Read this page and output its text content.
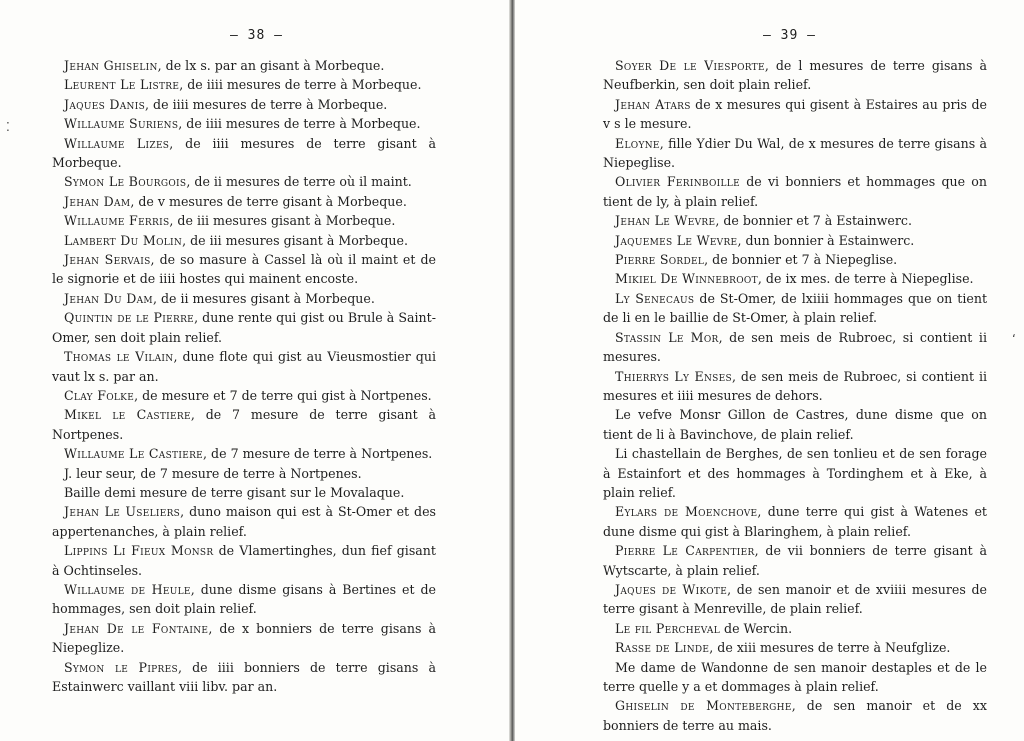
— 38 —
Jehan Ghiselin, de lx s. par an gisant à Morbeque.
Leurent Le Listre, de iiii mesures de terre à Morbeque.
Jaques Danis, de iiii mesures de terre à Morbeque.
Willaume Suriens, de iiii mesures de terre à Morbeque.
Willaume Lizes, de iiii mesures de terre gisant à Morbeque.
Symon Le Bourgois, de ii mesures de terre où il maint.
Jehan Dam, de v mesures de terre gisant à Morbeque.
Willaume Ferris, de iii mesures gisant à Morbeque.
Lambert Du Molin, de iii mesures gisant à Morbeque.
Jehan Servais, de so masure à Cassel là où il maint et de le signorie et de iiii hostes qui mainent encoste.
Jehan Du Dam, de ii mesures gisant à Morbeque.
Quintin de le Pierre, dune rente qui gist ou Brule à Saint-Omer, sen doit plain relief.
Thomas le Vilain, dune flote qui gist au Vieusmostier qui vaut lx s. par an.
Clay Folke, de mesure et 7 de terre qui gist à Nortpenes.
Mikel le Castiere, de 7 mesure de terre gisant à Nortpenes.
Willaume Le Castiere, de 7 mesure de terre à Nortpenes.
J. leur seur, de 7 mesure de terre à Nortpenes.
Baille demi mesure de terre gisant sur le Movalaque.
Jehan Le Useliers, duno maison qui est à St-Omer et des appertenanches, à plain relief.
Lippins Li Fieux Monsr de Vlamertinghes, dun fief gisant à Ochtinseles.
Willaume de Heule, dune disme gisans à Bertines et de hommages, sen doit plain relief.
Jehan De le Fontaine, de x bonniers de terre gisans à Niepeglize.
Symon le Pipres, de iiii bonniers de terre gisans à Estainwerc vaillant viii libv. par an.
⁚
— 39 —
Soyer De le Viesporte, de l mesures de terre gisans à Neufberkin, sen doit plain relief.
Jehan Atars de x mesures qui gisent à Estaires au pris de v s le mesure.
Eloyne, fille Ydier Du Wal, de x mesures de terre gisans à Niepeglise.
Olivier Ferinboille de vi bonniers et hommages que on tient de ly, à plain relief.
Jehan Le Wevre, de bonnier et 7 à Estainwerc.
Jaquemes Le Wevre, dun bonnier à Estainwerc.
Pierre Sordel, de bonnier et 7 à Niepeglise.
Mikiel De Winnebroot, de ix mes. de terre à Niepeglise.
Ly Senecaus de St-Omer, de lxiiii hommages que on tient de li en le baillie de St-Omer, à plain relief.
Stassin Le Mor, de sen meis de Rubroec, si contient ii mesures.
Thierrys Ly Enses, de sen meis de Rubroec, si contient ii mesures et iiii mesures de dehors.
Le vefve Monsr Gillon de Castres, dune disme que on tient de li à Bavinchove, de plain relief.
Li chastellain de Berghes, de sen tonlieu et de sen forage à Estainfort et des hommages à Tordinghem et à Eke, à plain relief.
Eylars de Moenchove, dune terre qui gist à Watenes et dune disme qui gist à Blaringhem, à plain relief.
Pierre Le Carpentier, de vii bonniers de terre gisant à Wytscarte, à plain relief.
Jaques de Wikote, de sen manoir et de xviiii mesures de terre gisant à Menreville, de plain relief.
Le fil Percheval de Wercin.
Rasse de Linde, de xiii mesures de terre à Neufglize.
Me dame de Wandonne de sen manoir destaples et de le terre quelle y a et dommages à plain relief.
Ghiselin de Monteberghe, de sen manoir et de xx bonniers de terre au mais.
‘
